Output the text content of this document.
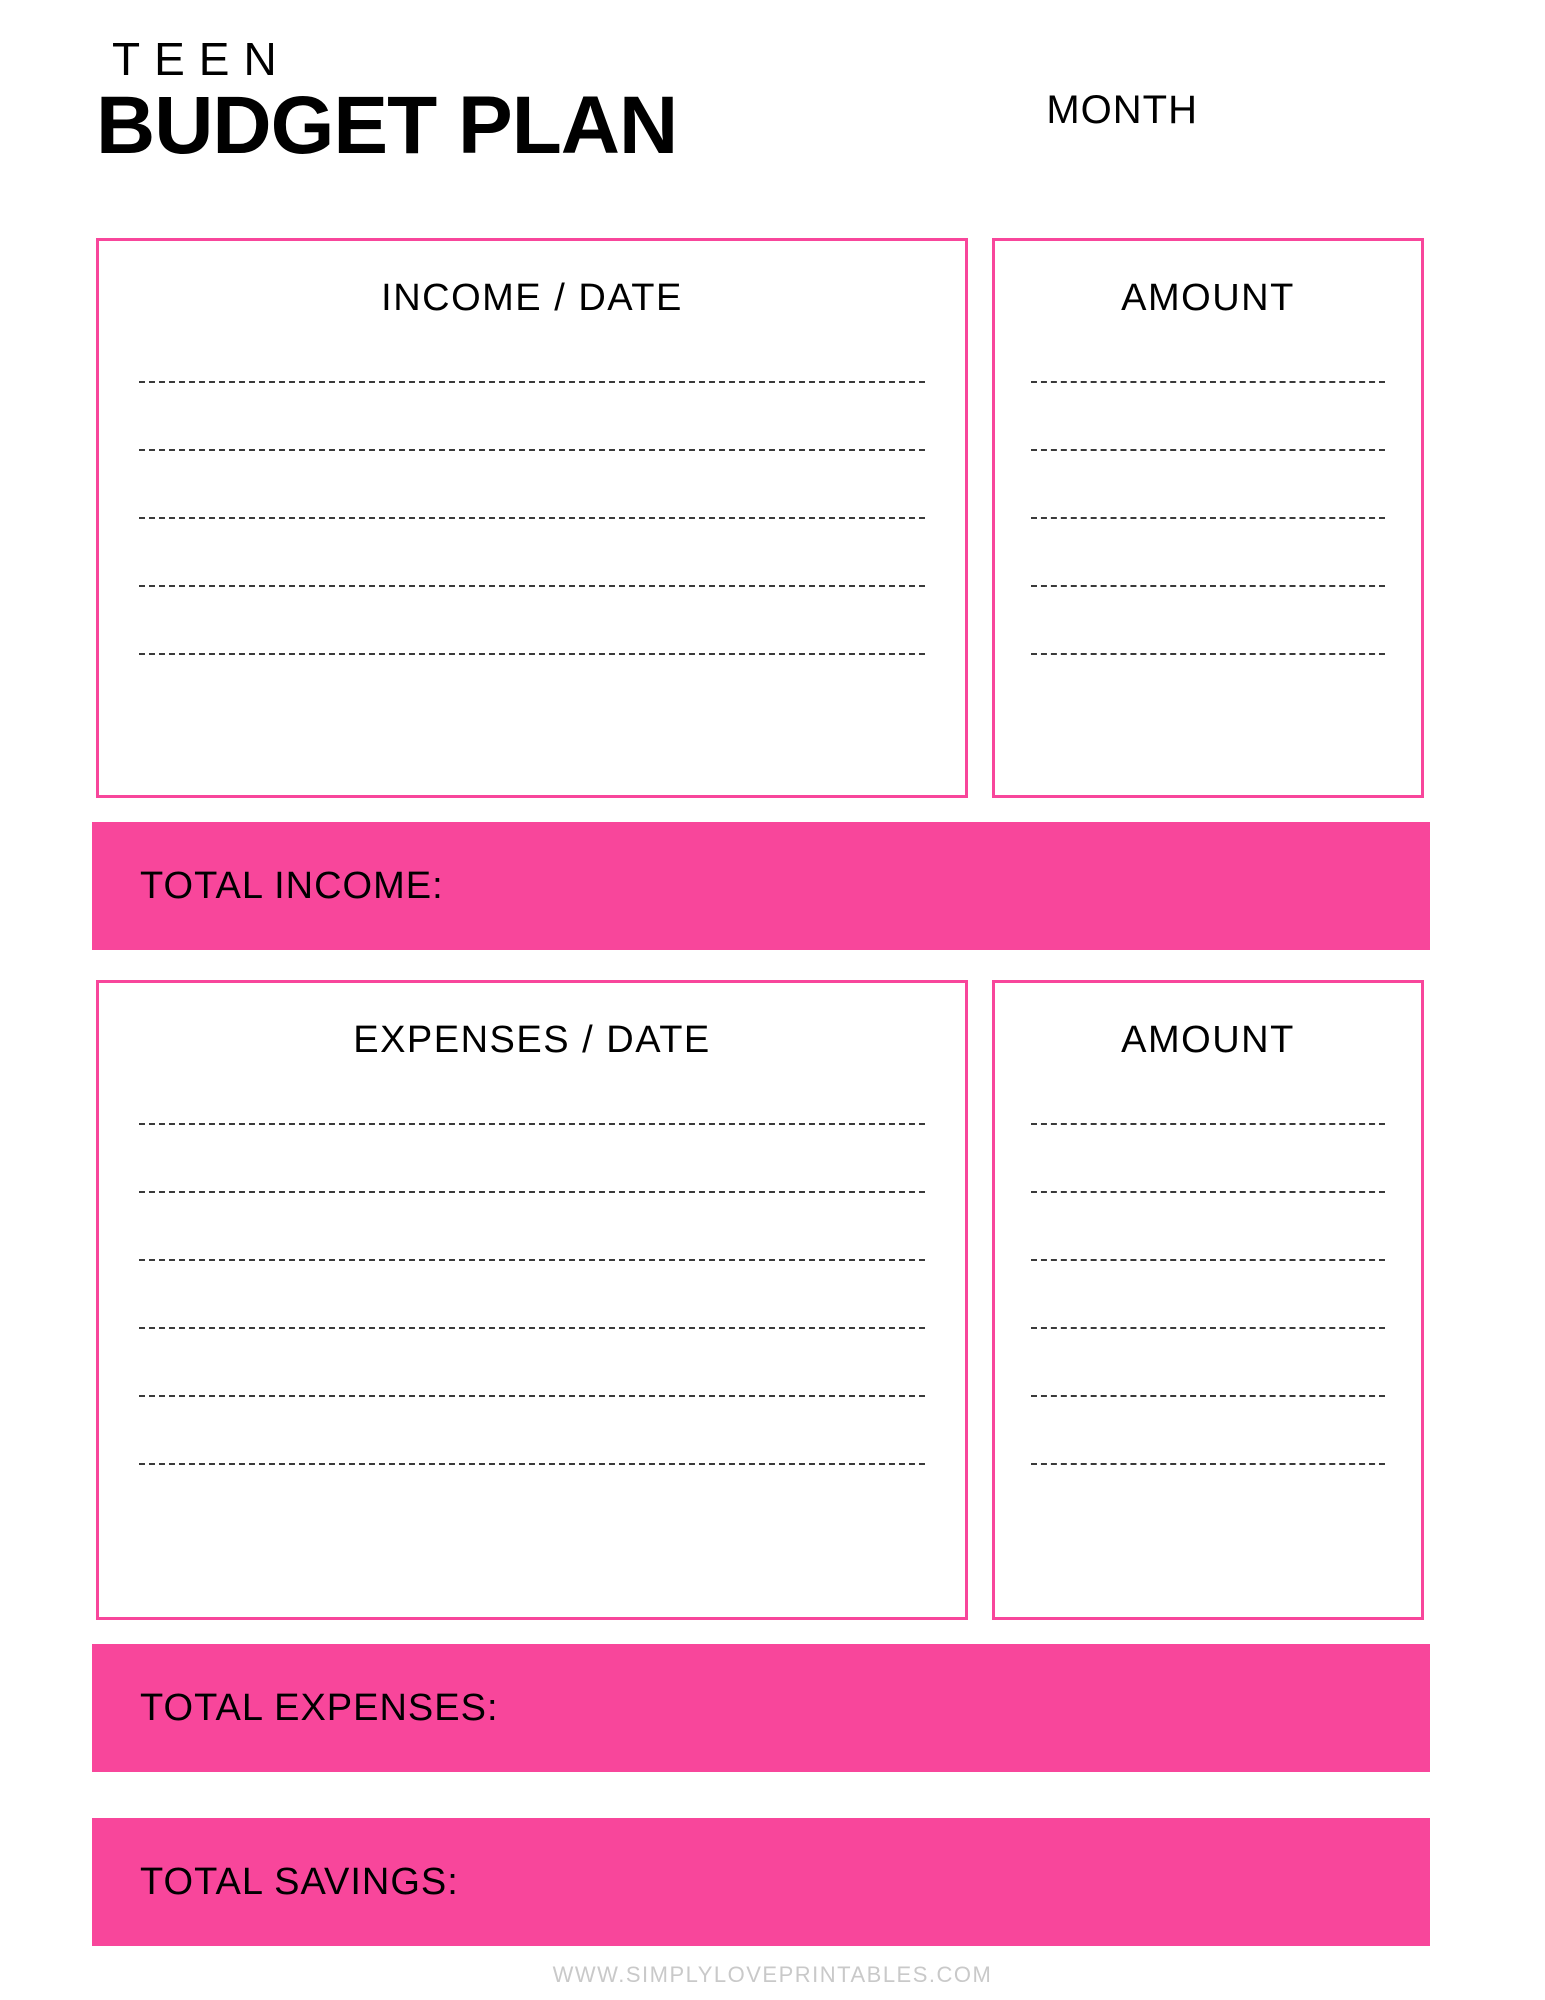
TEEN
BUDGET PLAN	MONTH
INCOME / DATE	AMOUNT
TOTAL INCOME:
EXPENSES / DATE	AMOUNT
TOTAL EXPENSES:
TOTAL SAVINGS:
WWW.SIMPLYLOVEPRINTABLES.COM
